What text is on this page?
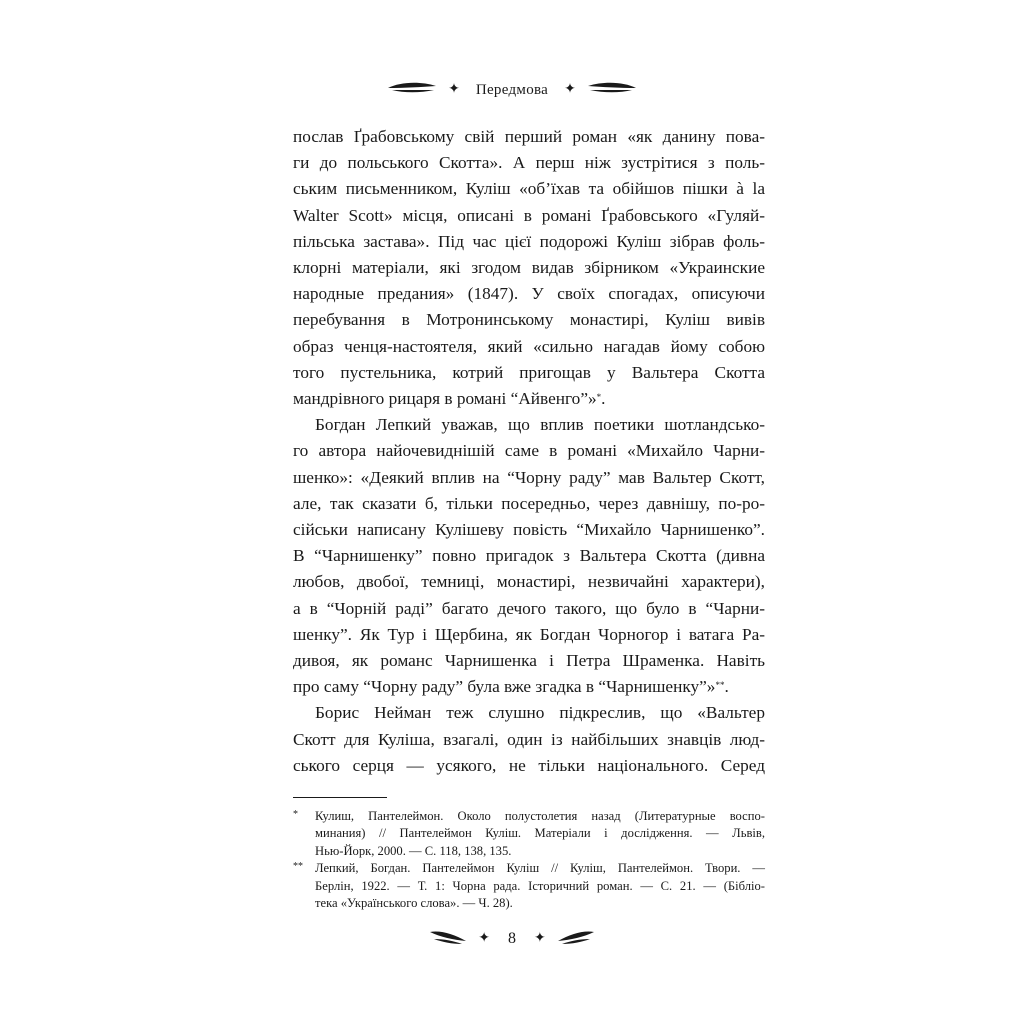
✦	Передмова	✦
послав Ґрабовському свій перший роман «як данину пова-
ги до польського Скотта». А перш ніж зустрітися з поль-
ським письменником, Куліш «об’їхав та обійшов пішки à la
Walter Scott» місця, описані в романі Ґрабовського «Гуляй-
пільська застава». Під час цієї подорожі Куліш зібрав фоль-
клорні матеріали, які згодом видав збірником «Украинские
народные предания» (1847). У своїх спогадах, описуючи
перебування в Мотронинському монастирі, Куліш вивів
образ ченця-настоятеля, який «сильно нагадав йому собою
того пустельника, котрий пригощав у Вальтера Скотта
мандрівного рицаря в романі “Айвенго”»*.
Богдан Лепкий уважав, що вплив поетики шотландсько-
го автора найочевиднішій саме в романі «Михайло Чарни-
шенко»: «Деякий вплив на “Чорну раду” мав Вальтер Скотт,
але, так сказати б, тільки посередньо, через давнішу, по-ро-
сійськи написану Кулішеву повість “Михайло Чарнишенко”.
В “Чарнишенку” повно пригадок з Вальтера Скотта (дивна
любов, двобої, темниці, монастирі, незвичайні характери),
а в “Чорній раді” багато дечого такого, що було в “Чарни-
шенку”. Як Тур і Щербина, як Богдан Чорногор і ватага Ра-
дивоя, як романс Чарнишенка і Петра Шраменка. Навіть
про саму “Чорну раду” була вже згадка в “Чарнишенку”»**.
Борис Нейман теж слушно підкреслив, що «Вальтер
Скотт для Куліша, взагалі, один із найбільших знавців люд-
ського серця — усякого, не тільки національного. Серед
* Кулиш, Пантелеймон. Около полустолетия назад (Литературные воспо-
минания) // Пантелеймон Куліш. Матеріали і дослідження. — Львів,
Нью-Йорк, 2000. — С. 118, 138, 135.
** Лепкий, Богдан. Пантелеймон Куліш // Куліш, Пантелеймон. Твори. —
Берлін, 1922. — Т. 1: Чорна рада. Історичний роман. — С. 21. — (Бібліо-
тека «Українського слова». — Ч. 28).
✦	8	✦
